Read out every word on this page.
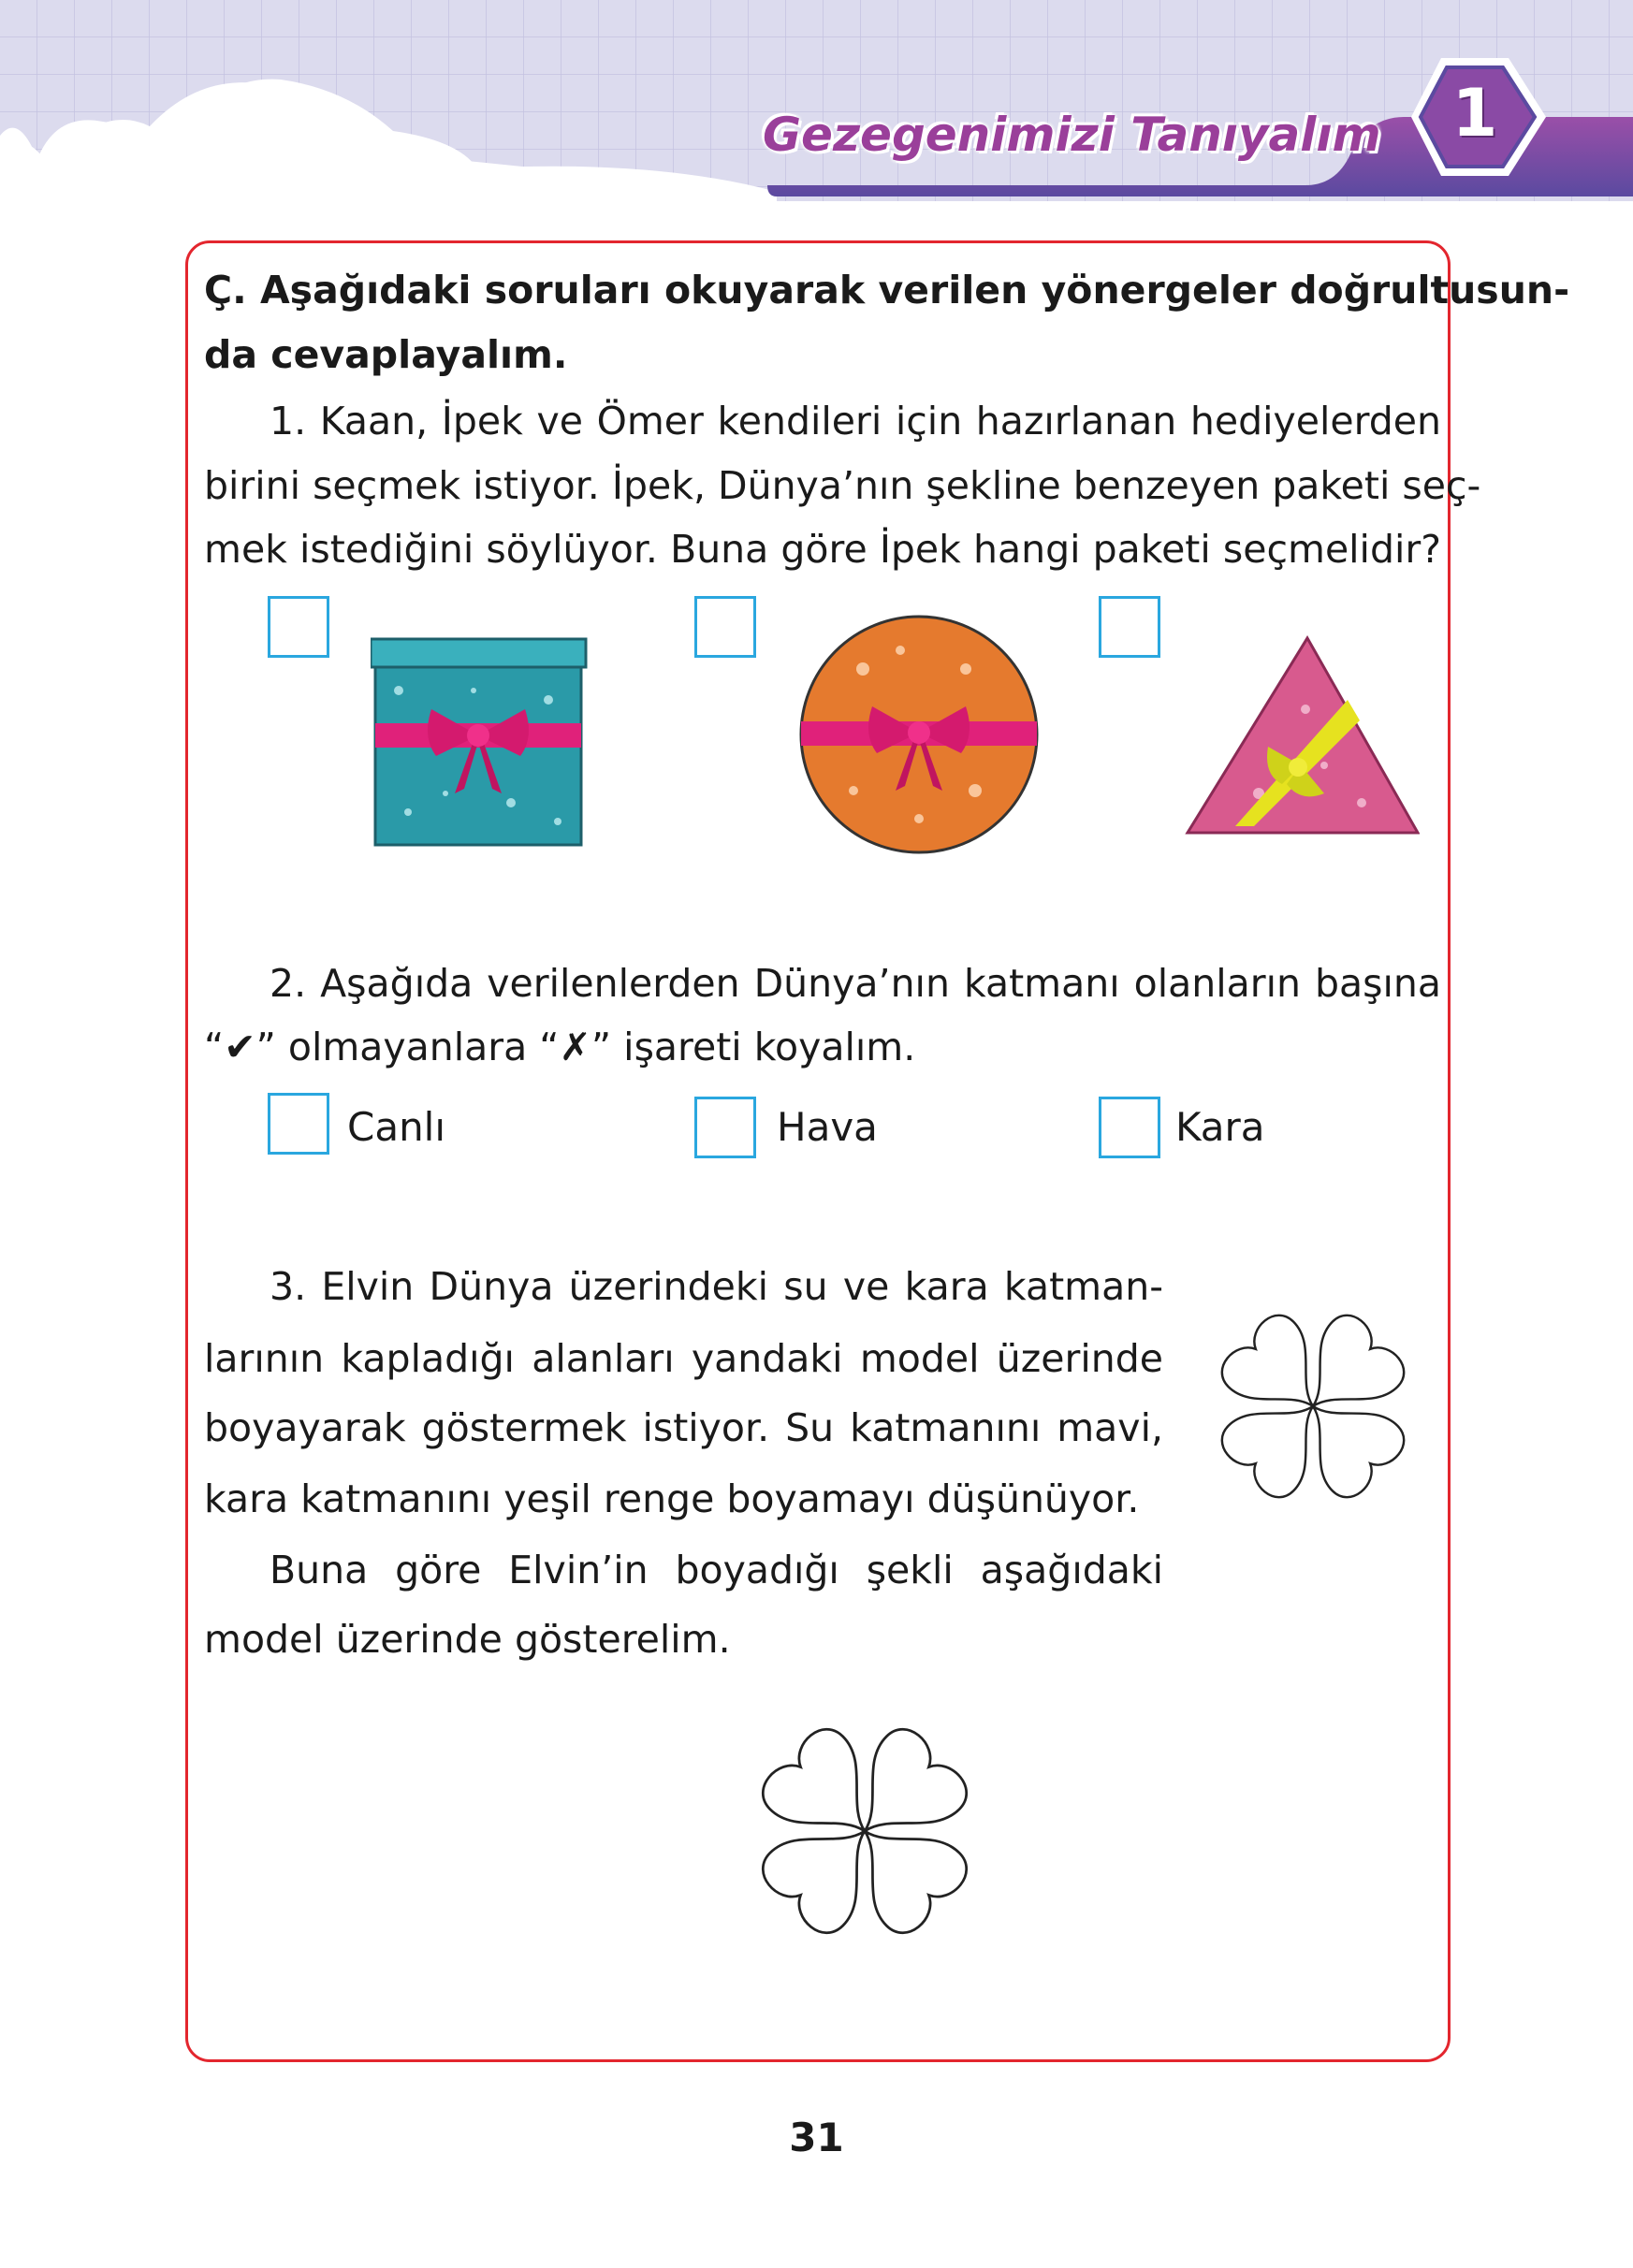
Gezegenimizi Tanıyalım 1
Ç. Aşağıdaki soruları okuyarak verilen yönergeler doğrultusun-
da cevaplayalım.
1. Kaan, İpek ve Ömer kendileri için hazırlanan hediyelerden
birini seçmek istiyor. İpek, Dünya’nın şekline benzeyen paketi seç-
mek istediğini söylüyor. Buna göre İpek hangi paketi seçmelidir?
2. Aşağıda verilenlerden Dünya’nın katmanı olanların başına
“✔” olmayanlara “✗” işareti koyalım.
Canlı	Hava	Kara
3. Elvin Dünya üzerindeki su ve kara katman-
larının kapladığı alanları yandaki model üzerinde
boyayarak göstermek istiyor. Su katmanını mavi,
kara katmanını yeşil renge boyamayı düşünüyor.
Buna göre Elvin’in boyadığı şekli aşağıdaki
model üzerinde gösterelim.
31
